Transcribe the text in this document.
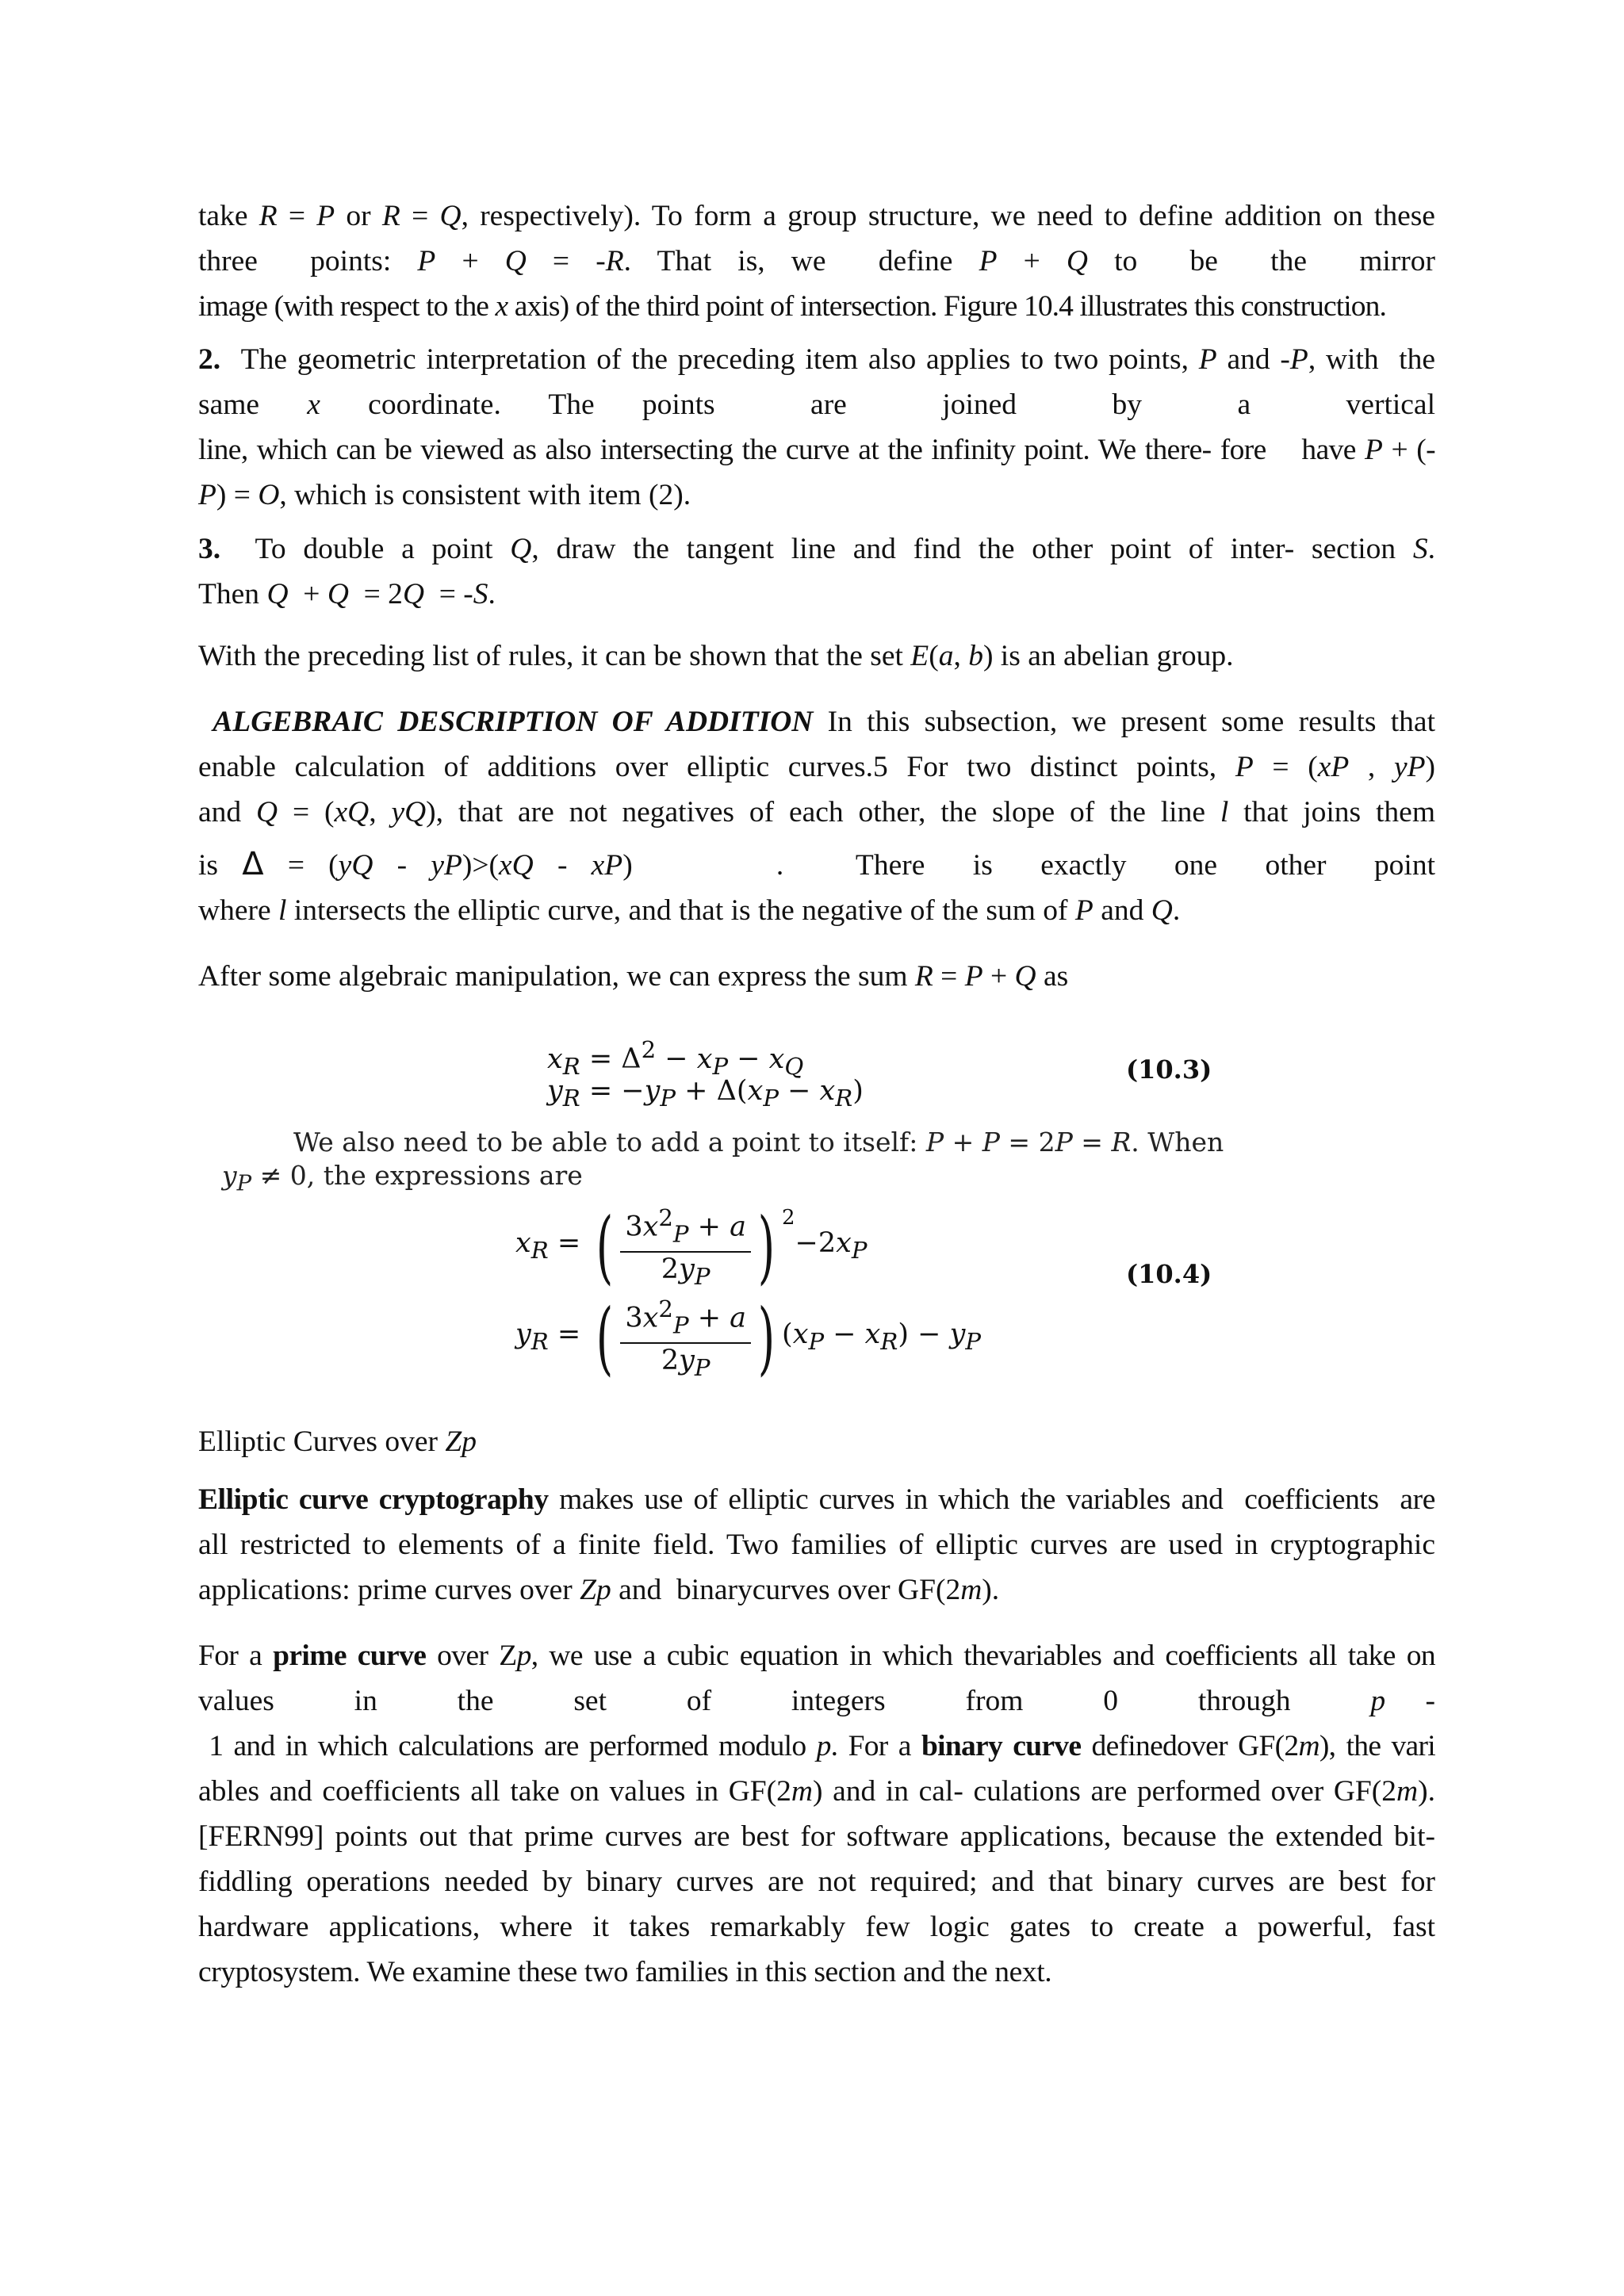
take R = P or R = Q, respectively). To form a group structure, we need to define addition on these
three  points: P + Q = -R. That is, we  define P + Q to  be  the  mirror
image (with respect to the x axis) of the third point of intersection. Figure 10.4 illustrates this construction.
2.  The geometric interpretation of the preceding item also applies to two points, P and -P, with  the
same x coordinate. The points  are  joined  by  a  vertical
line, which can be viewed as also intersecting the curve at the infinity point. We there- fore    have P + (-
P) = O, which is consistent with item (2).
3.  To double a point Q, draw the tangent line and find the other point of inter- section S.
Then Q  + Q  = 2Q  = -S.
With the preceding list of rules, it can be shown that the set E(a, b) is an abelian group.
ALGEBRAIC DESCRIPTION OF ADDITION In this subsection, we present some results that
enable calculation of additions over elliptic curves.5 For two distinct points, P = (xP , yP)
and Q = (xQ, yQ), that are not negatives of each other, the slope of the line l that joins them
is Δ = (yQ - yP)>(xQ - xP)      .   There  is  exactly  one  other  point
where l intersects the elliptic curve, and that is the negative of the sum of P and Q.
After some algebraic manipulation, we can express the sum R = P + Q as
$x_R = \Delta^2 - x_P - x_Q$
$y_R = -y_P + \Delta(x_P - x_R)$
(10.3)
We also need to be able to add a point to itself: P + P = 2P = R. When
$y_P \ne 0$, the expressions are
$x_R$ = ( $\frac{3x^2_P + a}{2y_P}$ ) $2-2x_P$
$y_R$ = ( $\frac{3x^2_P + a}{2y_P}$ ) $(x_P - x_R) - y_P$
(10.4)
Elliptic Curves over Zp
Elliptic curve cryptography makes use of elliptic curves in which the variables and  coefficients  are
all restricted to elements of a finite field. Two families of elliptic curves are used in cryptographic
applications: prime curves over Zp and  binarycurves over GF(2m).
For a prime curve over Zp, we use a cubic equation in which thevariables and coefficients all take on
values  in  the  set  of  integers  from  0  through  p -
1 and in which calculations are performed modulo p. For a binary curve definedover GF(2m), the vari
ables and coefficients all take on values in GF(2m) and in cal- culations are performed over GF(2m).
[FERN99] points out that prime curves are best for software applications, because the extended bit-
fiddling operations needed by binary curves are not required; and that binary curves are best for
hardware applications, where it takes remarkably few logic gates to create a powerful, fast
cryptosystem. We examine these two families in this section and the next.
